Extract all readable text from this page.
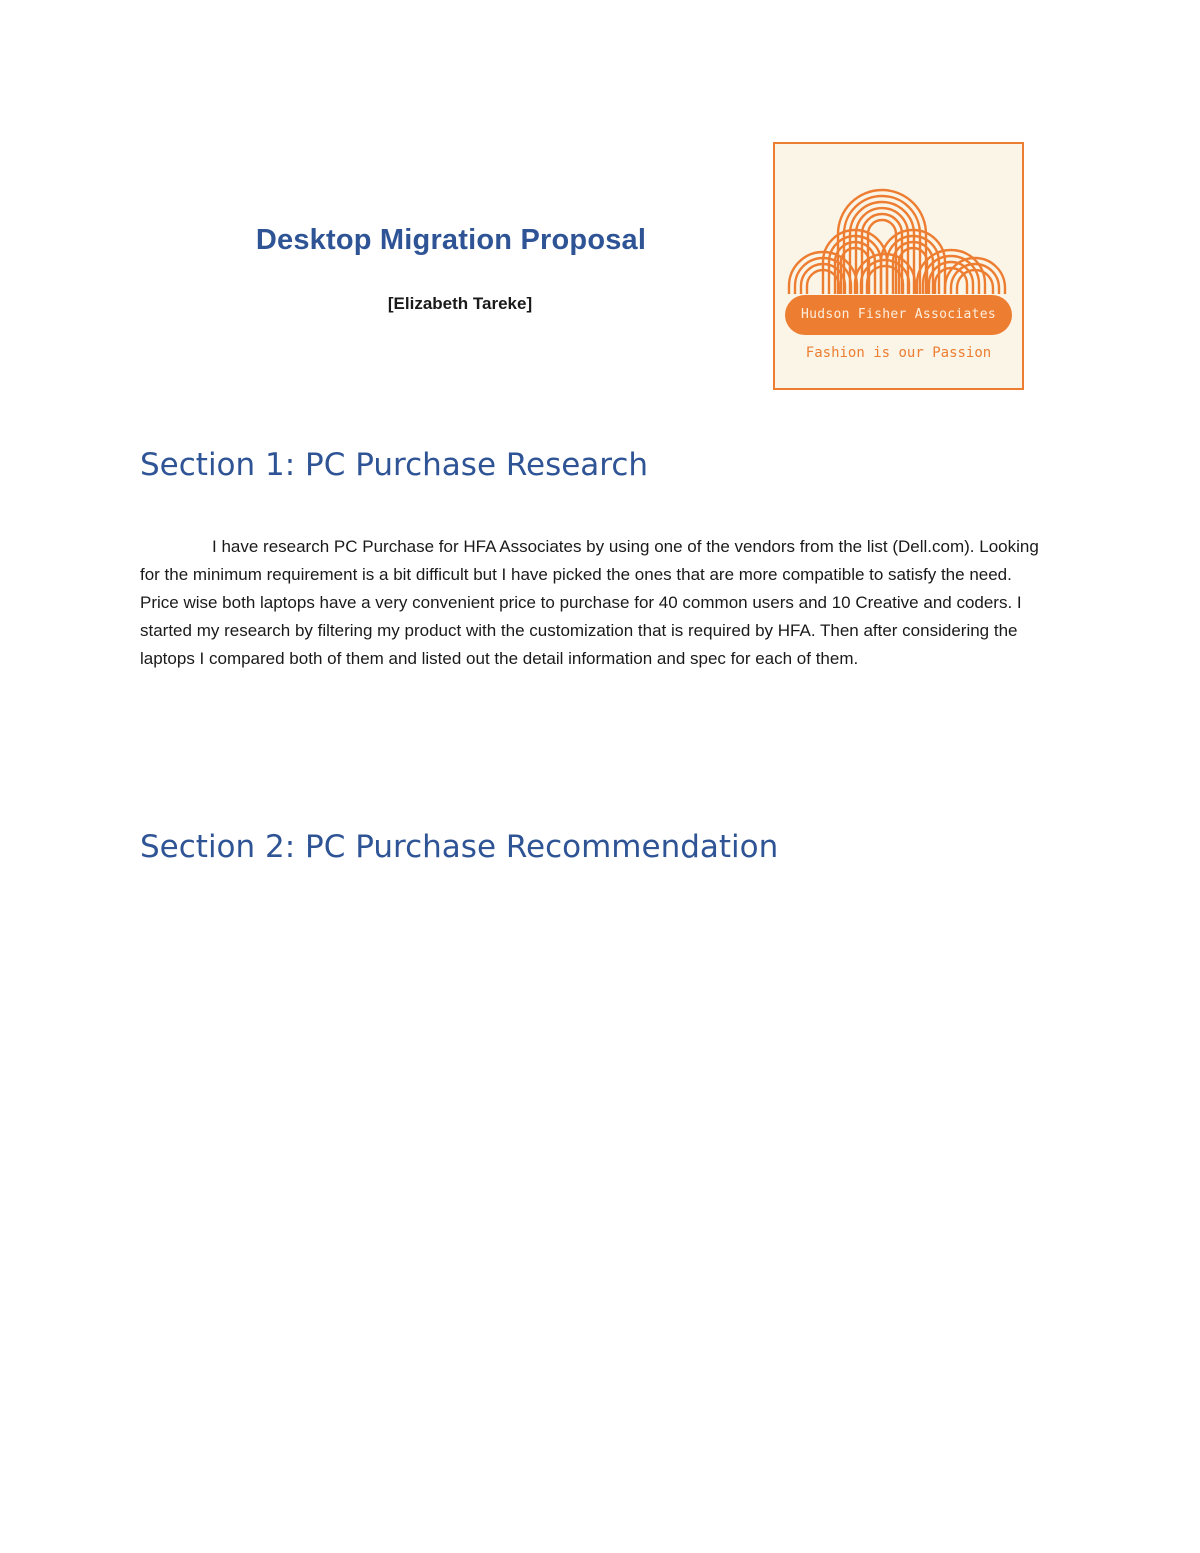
Desktop Migration Proposal

[Elizabeth Tareke]

Hudson Fisher Associates
Fashion is our Passion
Section 1: PC Purchase Research

I have research PC Purchase for HFA Associates by using one of the vendors from the list (Dell.com). Looking for the minimum requirement is a bit difficult but I have picked the ones that are more compatible to satisfy the need. Price wise both laptops have a very convenient price to purchase for 40 common users and 10 Creative and coders. I started my research by filtering my product with the customization that is required by HFA. Then after considering the laptops I compared both of them and listed out the detail information and spec for each of them.

Section 2: PC Purchase Recommendation
